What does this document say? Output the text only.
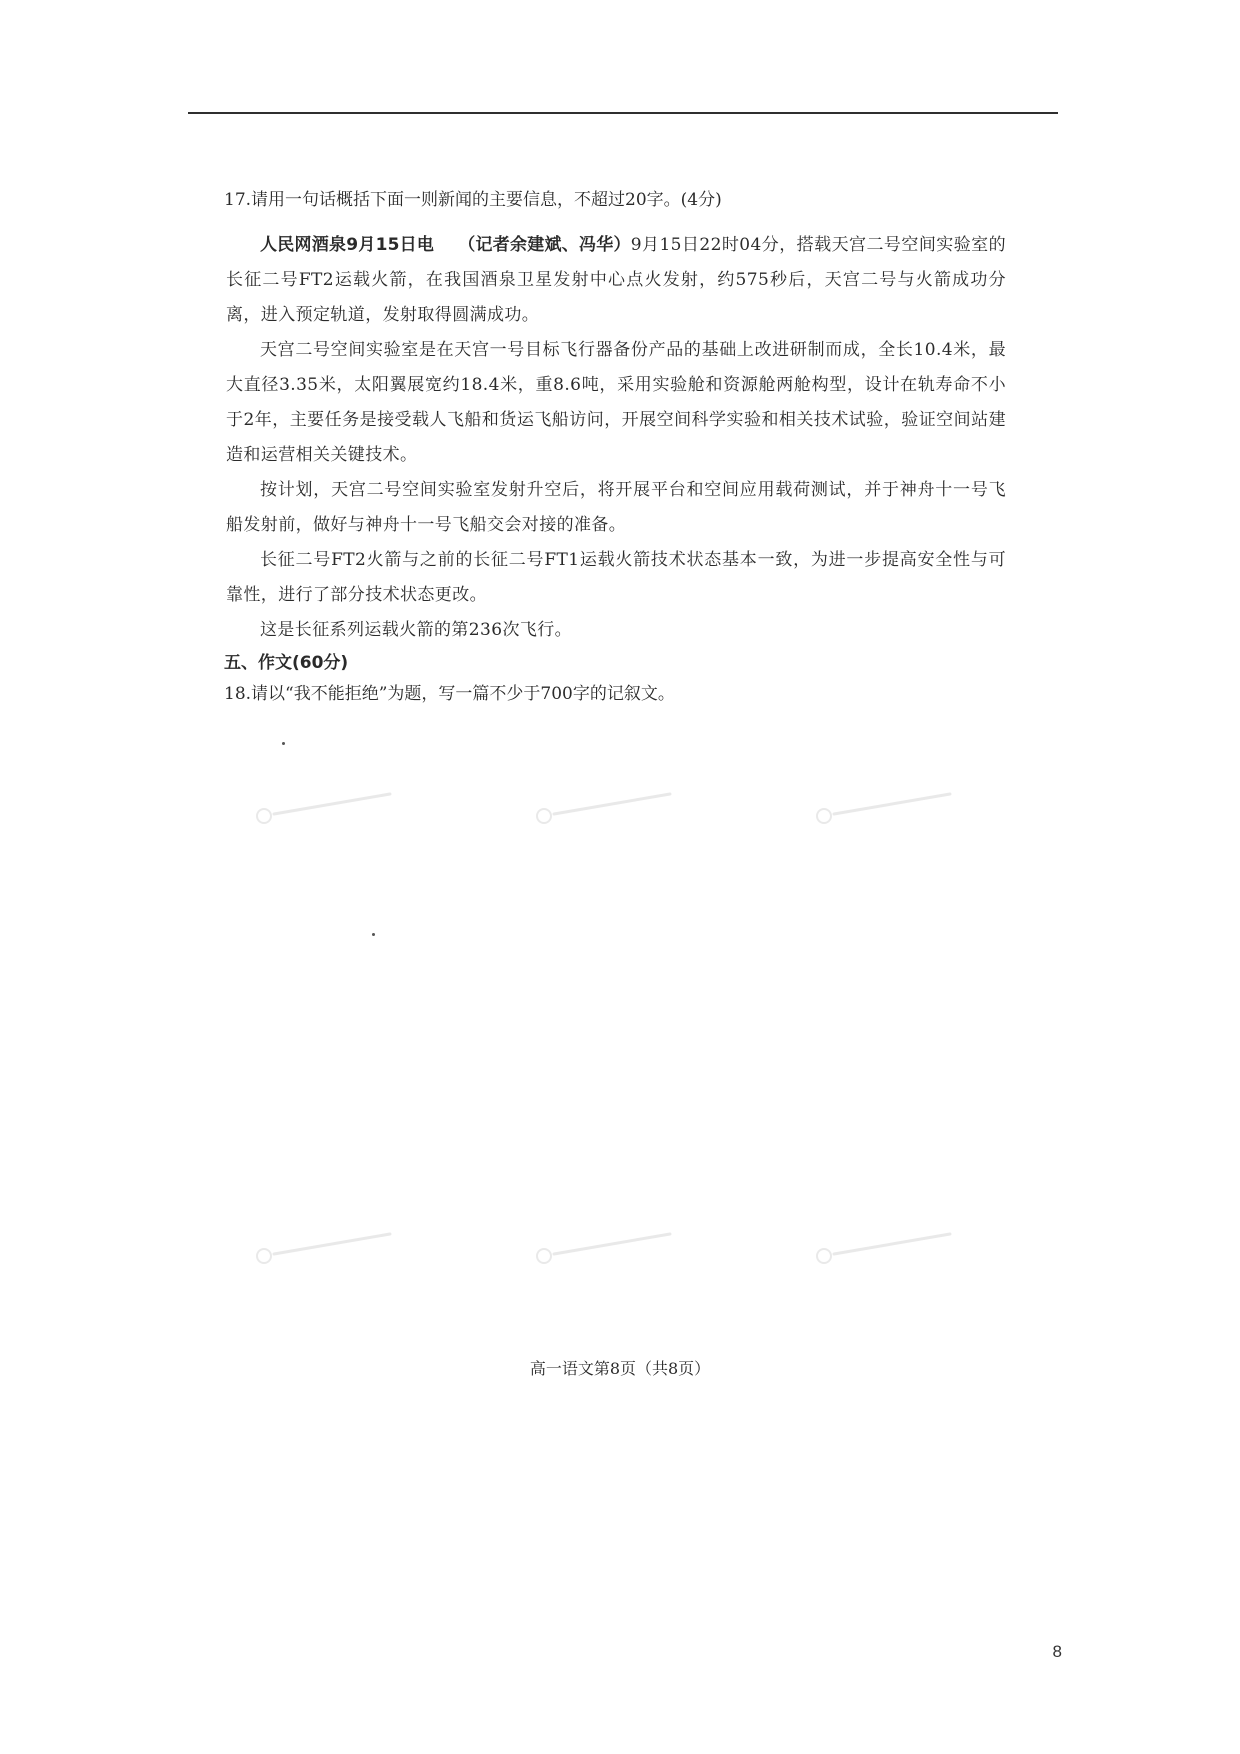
17.请用一句话概括下面一则新闻的主要信息，不超过20字。(4分)

人民网酒泉9月15日电 （记者余建斌、冯华）9月15日22时04分，搭载天宫二号空间实验室的长征二号FT2运载火箭，在我国酒泉卫星发射中心点火发射，约575秒后，天宫二号与火箭成功分离，进入预定轨道，发射取得圆满成功。

天宫二号空间实验室是在天宫一号目标飞行器备份产品的基础上改进研制而成，全长10.4米，最大直径3.35米，太阳翼展宽约18.4米，重8.6吨，采用实验舱和资源舱两舱构型，设计在轨寿命不小于2年，主要任务是接受载人飞船和货运飞船访问，开展空间科学实验和相关技术试验，验证空间站建造和运营相关关键技术。

按计划，天宫二号空间实验室发射升空后，将开展平台和空间应用载荷测试，并于神舟十一号飞船发射前，做好与神舟十一号飞船交会对接的准备。

长征二号FT2火箭与之前的长征二号FT1运载火箭技术状态基本一致，为进一步提高安全性与可靠性，进行了部分技术状态更改。

这是长征系列运载火箭的第236次飞行。

五、作文(60分)

18.请以“我不能拒绝”为题，写一篇不少于700字的记叙文。

高一语文第8页（共8页）
8
